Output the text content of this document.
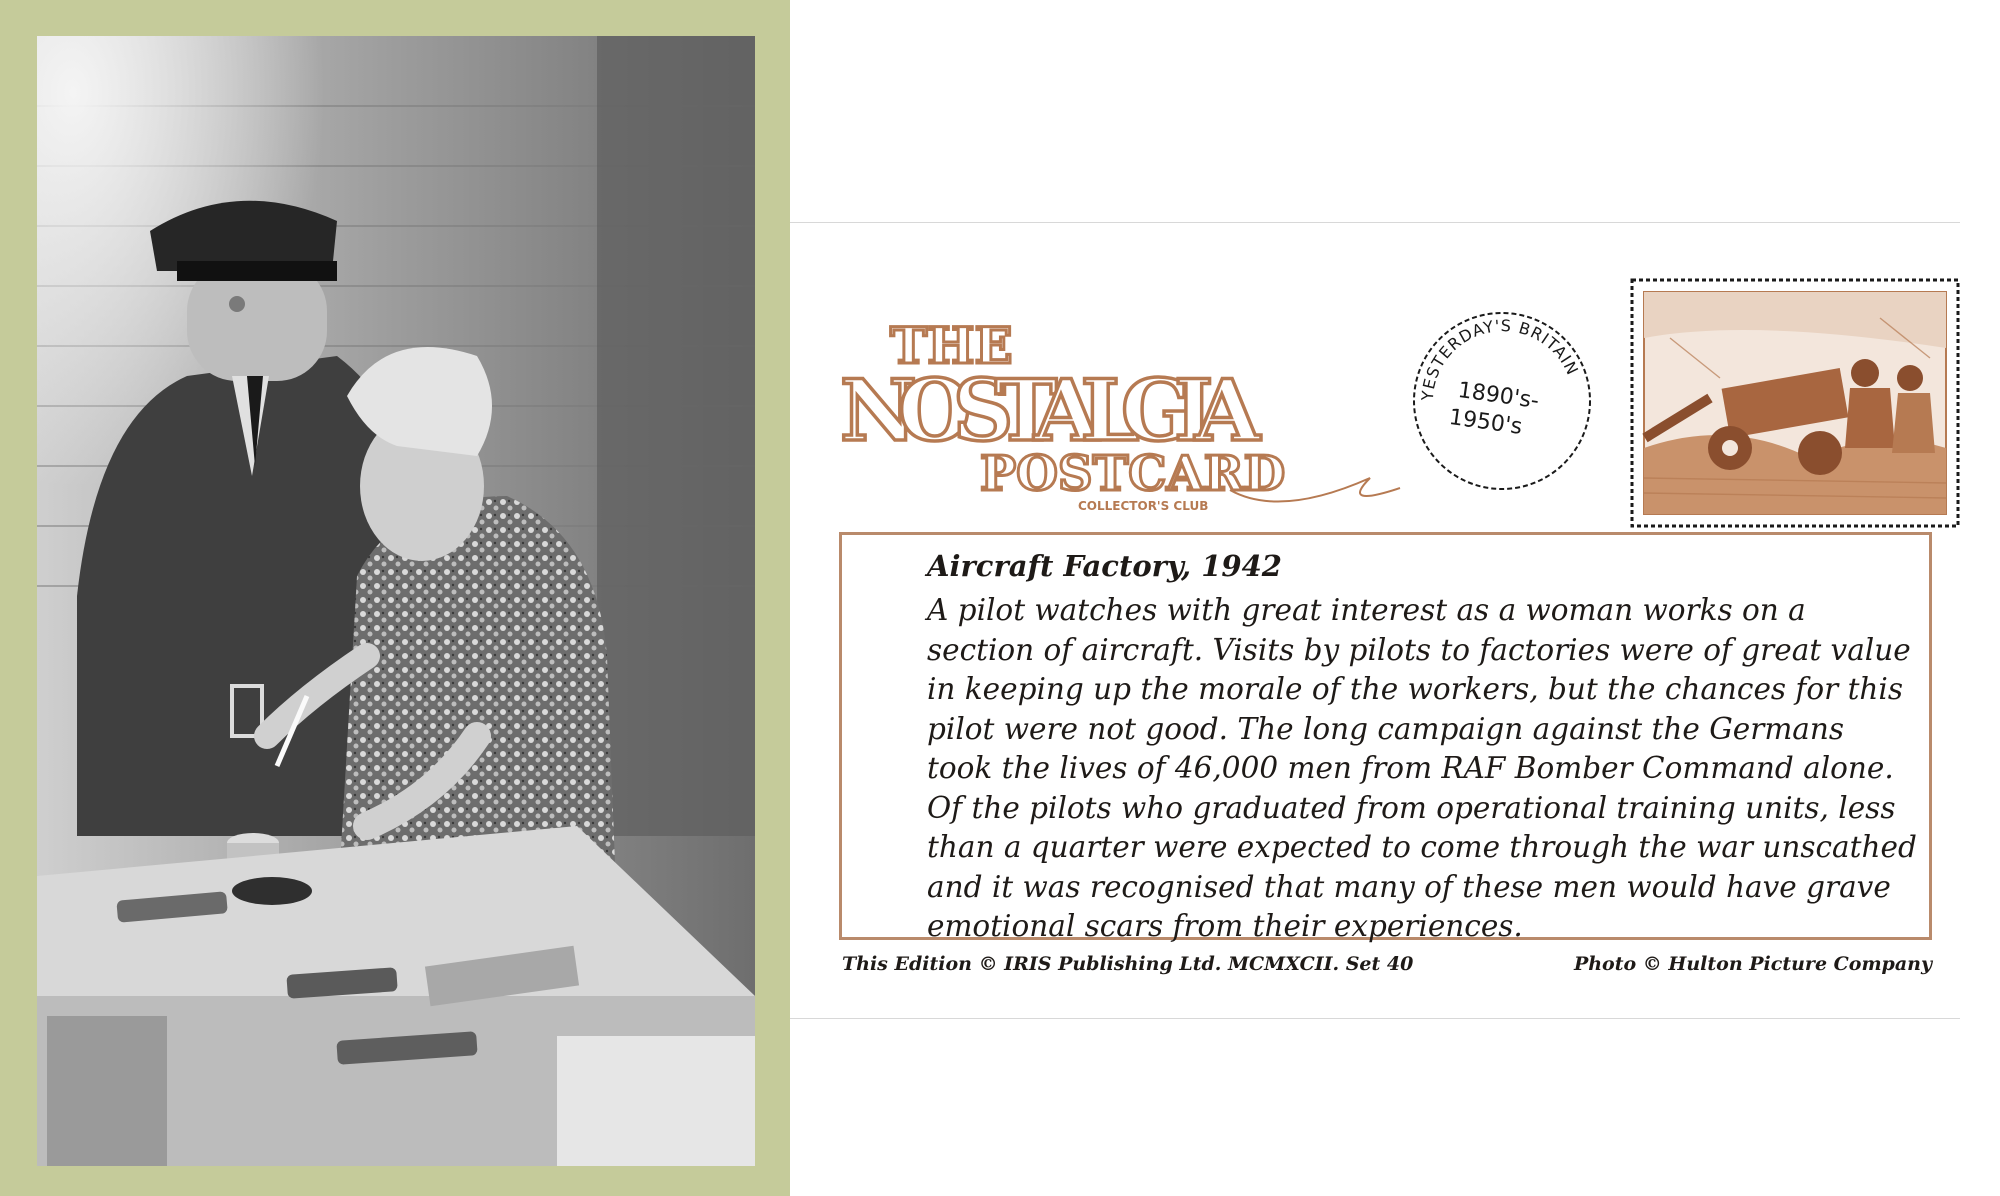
THE
NOSTALGIA
POSTCARD
COLLECTOR'S CLUB
YESTERDAY'S BRITAIN
1890's-
1950's
Aircraft Factory, 1942
A pilot watches with great interest as a woman works on a
section of aircraft. Visits by pilots to factories were of great value
in keeping up the morale of the workers, but the chances for this
pilot were not good. The long campaign against the Germans
took the lives of 46,000 men from RAF Bomber Command alone.
Of the pilots who graduated from operational training units, less
than a quarter were expected to come through the war unscathed
and it was recognised that many of these men would have grave
emotional scars from their experiences.
This Edition © IRIS Publishing Ltd. MCMXCII. Set 40	Photo © Hulton Picture Company
